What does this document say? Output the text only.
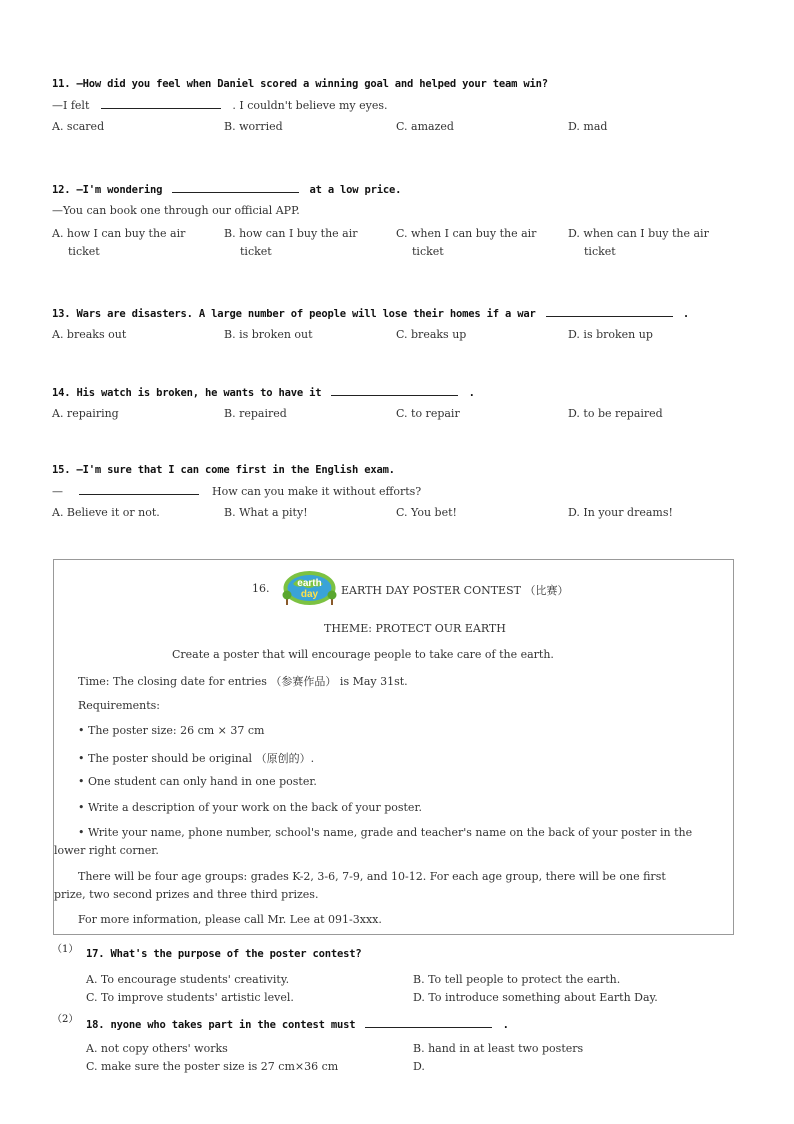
11. —How did you feel when Daniel scored a winning goal and helped your team win?
—I felt	. I couldn't believe my eyes.
A. scared	B. worried	C. amazed	D. mad
12. —I'm wondering	at a low price.
—You can book one through our official APP.
A. how I can buy the air
ticket
B. how can I buy the air
ticket
C. when I can buy the air
ticket
D. when can I buy the air
ticket
13. Wars are disasters. A large number of people will lose their homes if a war	.
A. breaks out	B. is broken out	C. breaks up	D. is broken up
14. His watch is broken, he wants to have it	.
A. repairing	B. repaired	C. to repair	D. to be repaired
15. —I'm sure that I can come first in the English exam.
—	How can you make it without efforts?
A. Believe it or not.	B. What a pity!	C. You bet!	D. In your dreams!
16.	earth
day EARTH DAY POSTER CONTEST （比赛）
THEME: PROTECT OUR EARTH
Create a poster that will encourage people to take care of the earth.
Time: The closing date for entries （参赛作品） is May 31st.
Requirements:
• The poster size: 26 cm × 37 cm
• The poster should be original （原创的）.
• One student can only hand in one poster.
• Write a description of your work on the back of your poster.
• Write your name, phone number, school's name, grade and teacher's name on the back of your poster in the
lower right corner.
There will be four age groups: grades K-2, 3-6, 7-9, and 10-12. For each age group, there will be one first
prize, two second prizes and three third prizes.
For more information, please call Mr. Lee at 091-3xxx.
（1） 17. What's the purpose of the poster contest?
A. To encourage students' creativity.	B. To tell people to protect the earth.
C. To improve students' artistic level.	D. To introduce something about Earth Day.
（2） 18. nyone who takes part in the contest must	.
A. not copy others' works	B. hand in at least two posters
C. make sure the poster size is 27 cm×36 cm	D.
